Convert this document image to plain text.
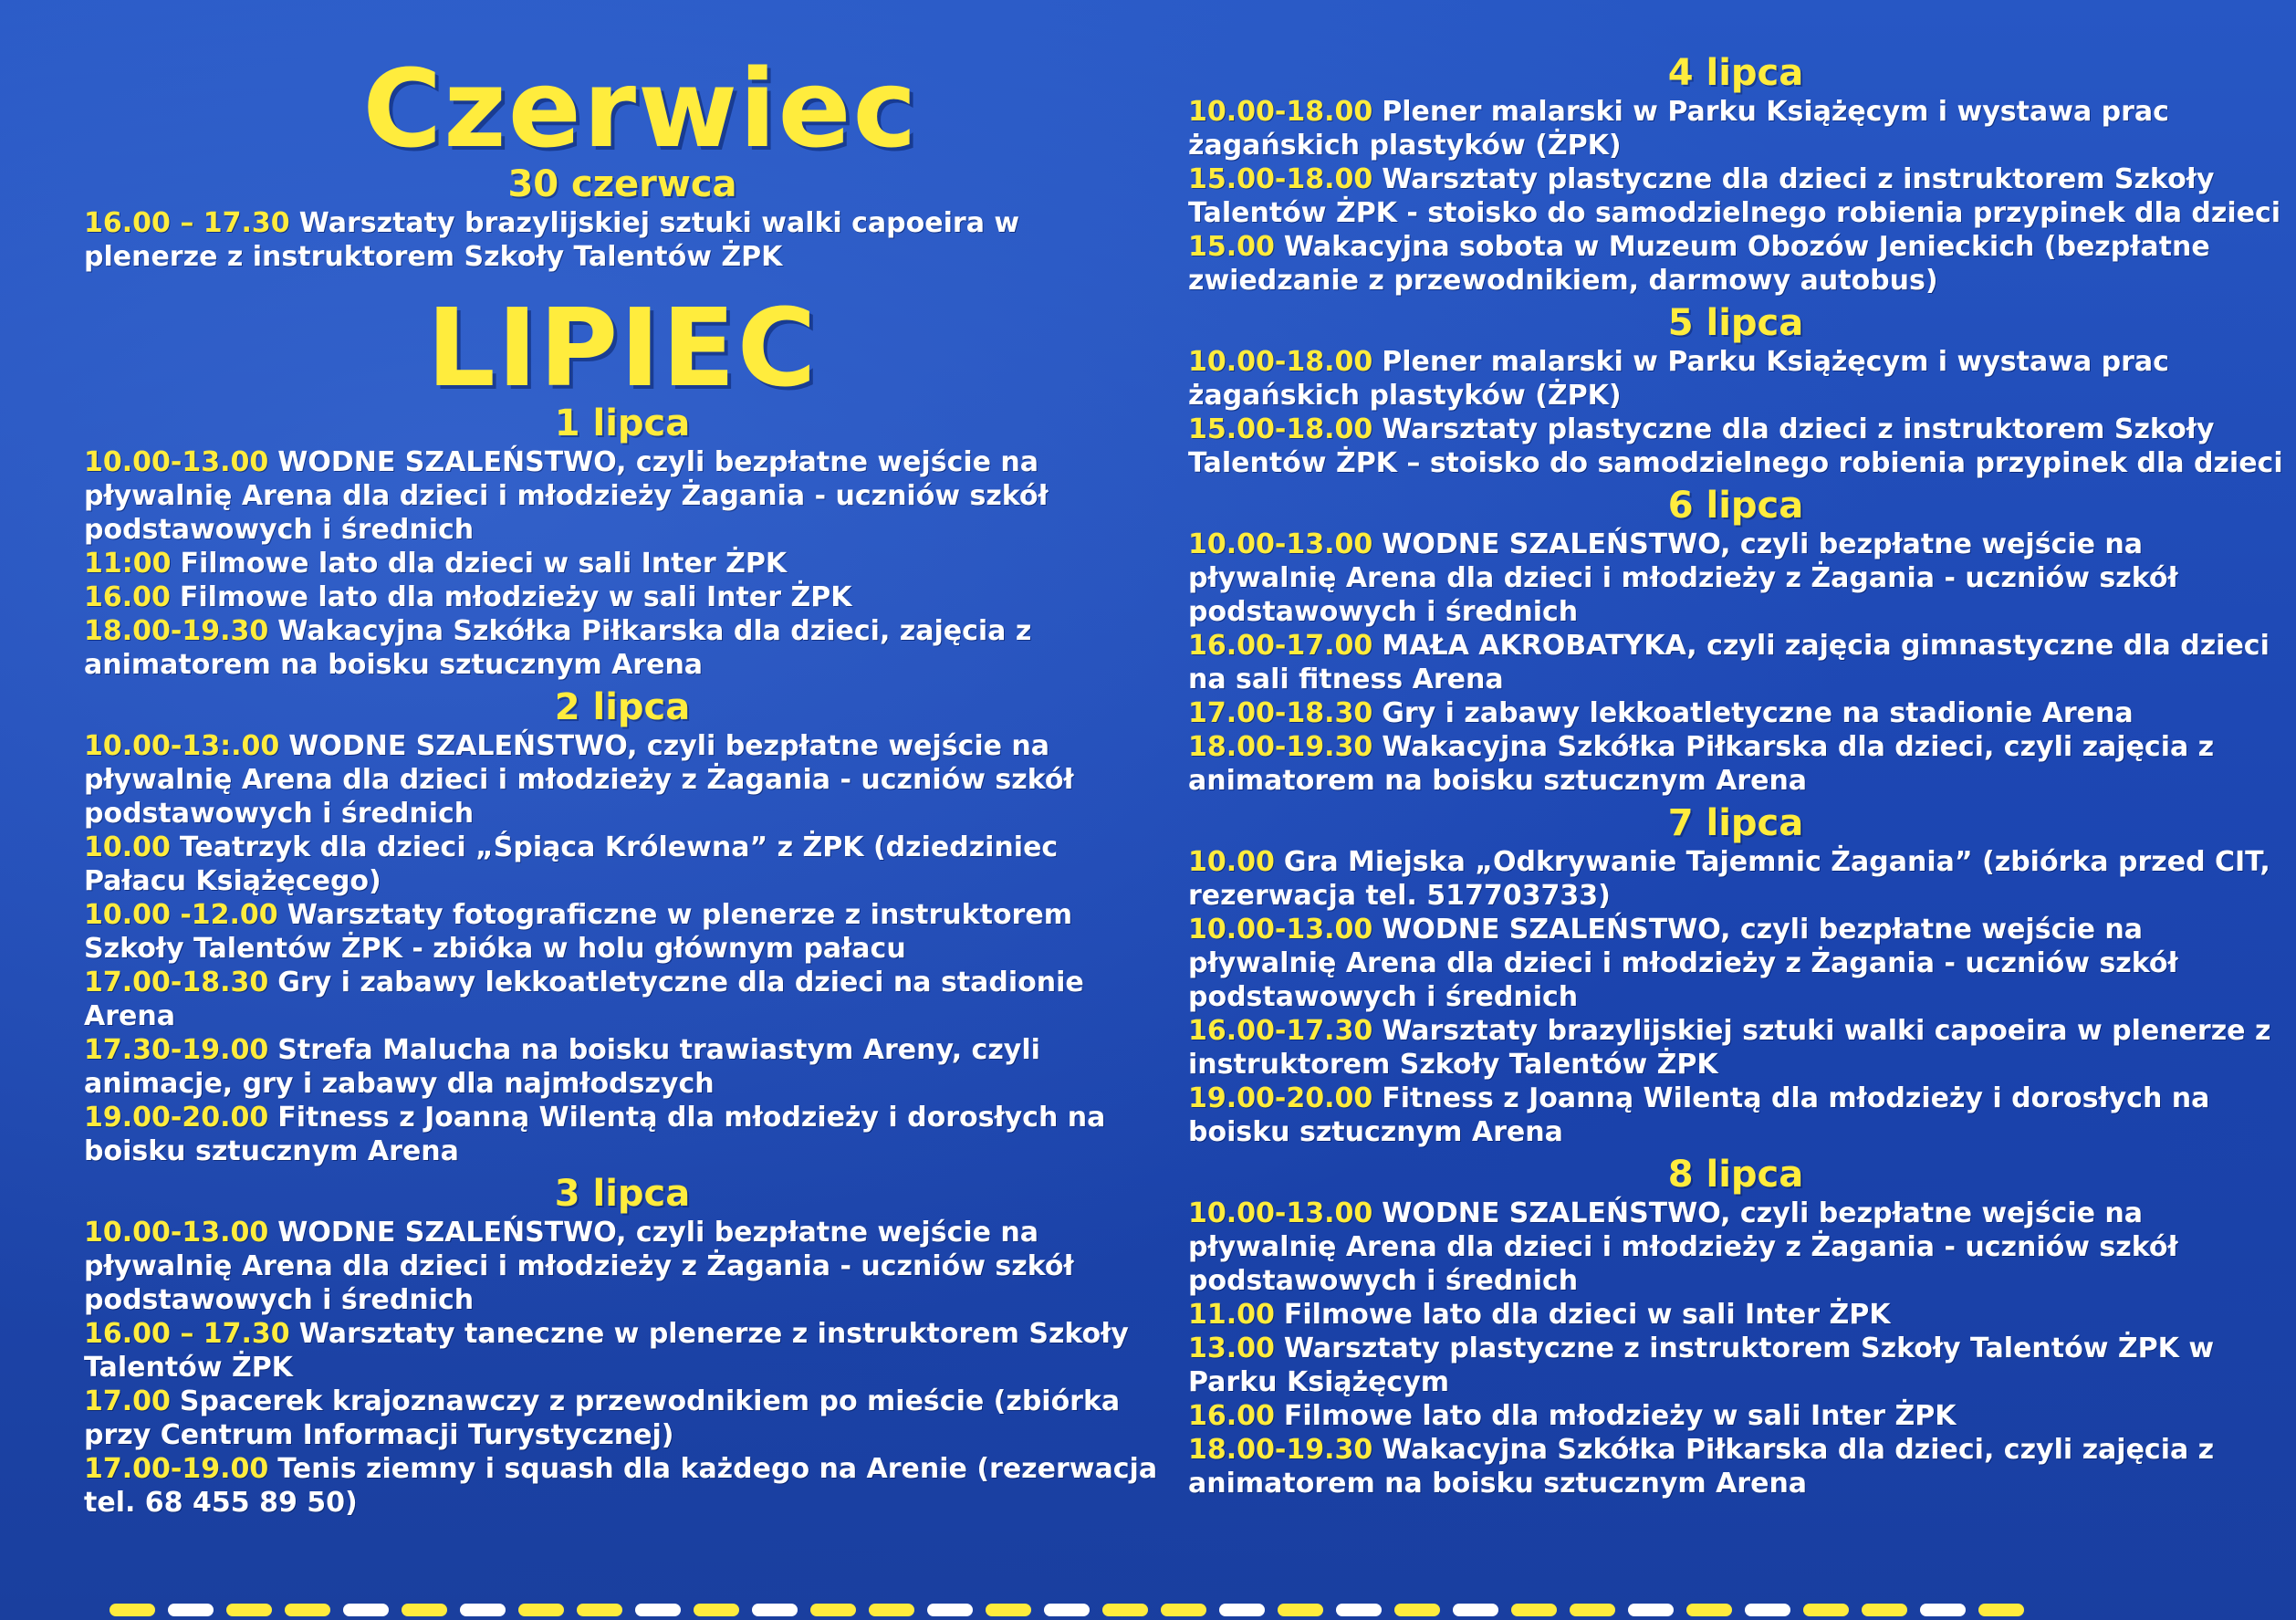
Czerwiec
30 czerwca
16.00 – 17.30 Warsztaty brazylijskiej sztuki walki capoeira w plenerze z instruktorem Szkoły Talentów ŻPK
LIPIEC
1 lipca
10.00-13.00 WODNE SZALEŃSTWO, czyli bezpłatne wejście na pływalnię Arena dla dzieci i młodzieży Żagania - uczniów szkół podstawowych i średnich
11:00 Filmowe lato dla dzieci w sali Inter ŻPK
16.00 Filmowe lato dla młodzieży w sali Inter ŻPK
18.00-19.30 Wakacyjna Szkółka Piłkarska dla dzieci, zajęcia z animatorem na boisku sztucznym Arena
2 lipca
10.00-13:.00 WODNE SZALEŃSTWO, czyli bezpłatne wejście na pływalnię Arena dla dzieci i młodzieży z Żagania - uczniów szkół podstawowych i średnich
10.00 Teatrzyk dla dzieci „Śpiąca Królewna” z ŻPK (dziedziniec Pałacu Książęcego)
10.00 -12.00 Warsztaty fotograficzne w plenerze z instruktorem Szkoły Talentów ŻPK - zbióka w holu głównym pałacu
17.00-18.30 Gry i zabawy lekkoatletyczne dla dzieci na stadionie Arena
17.30-19.00 Strefa Malucha na boisku trawiastym Areny, czyli animacje, gry i zabawy dla najmłodszych
19.00-20.00 Fitness z Joanną Wilentą dla młodzieży i dorosłych na boisku sztucznym Arena
3 lipca
10.00-13.00 WODNE SZALEŃSTWO, czyli bezpłatne wejście na pływalnię Arena dla dzieci i młodzieży z Żagania - uczniów szkół podstawowych i średnich
16.00 – 17.30 Warsztaty taneczne w plenerze z instruktorem Szkoły Talentów ŻPK
17.00 Spacerek krajoznawczy z przewodnikiem po mieście (zbiórka przy Centrum Informacji Turystycznej)
17.00-19.00 Tenis ziemny i squash dla każdego na Arenie (rezerwacja tel. 68 455 89 50)
4 lipca
10.00-18.00 Plener malarski w Parku Książęcym i wystawa prac żagańskich plastyków (ŻPK)
15.00-18.00 Warsztaty plastyczne dla dzieci z instruktorem Szkoły Talentów ŻPK - stoisko do samodzielnego robienia przypinek dla dzieci
15.00 Wakacyjna sobota w Muzeum Obozów Jenieckich (bezpłatne zwiedzanie z przewodnikiem, darmowy autobus)
5 lipca
10.00-18.00 Plener malarski w Parku Książęcym i wystawa prac żagańskich plastyków (ŻPK)
15.00-18.00 Warsztaty plastyczne dla dzieci z instruktorem Szkoły Talentów ŻPK – stoisko do samodzielnego robienia przypinek dla dzieci
6 lipca
10.00-13.00 WODNE SZALEŃSTWO, czyli bezpłatne wejście na pływalnię Arena dla dzieci i młodzieży z Żagania - uczniów szkół podstawowych i średnich
16.00-17.00 MAŁA AKROBATYKA, czyli zajęcia gimnastyczne dla dzieci na sali fitness Arena
17.00-18.30 Gry i zabawy lekkoatletyczne na stadionie Arena
18.00-19.30 Wakacyjna Szkółka Piłkarska dla dzieci, czyli zajęcia z animatorem na boisku sztucznym Arena
7 lipca
10.00 Gra Miejska „Odkrywanie Tajemnic Żagania” (zbiórka przed CIT, rezerwacja tel. 517703733)
10.00-13.00 WODNE SZALEŃSTWO, czyli bezpłatne wejście na pływalnię Arena dla dzieci i młodzieży z Żagania - uczniów szkół podstawowych i średnich
16.00-17.30 Warsztaty brazylijskiej sztuki walki capoeira w plenerze z instruktorem Szkoły Talentów ŻPK
19.00-20.00 Fitness z Joanną Wilentą dla młodzieży i dorosłych na boisku sztucznym Arena
8 lipca
10.00-13.00 WODNE SZALEŃSTWO, czyli bezpłatne wejście na pływalnię Arena dla dzieci i młodzieży z Żagania - uczniów szkół podstawowych i średnich
11.00 Filmowe lato dla dzieci w sali Inter ŻPK
13.00 Warsztaty plastyczne z instruktorem Szkoły Talentów ŻPK w Parku Książęcym
16.00 Filmowe lato dla młodzieży w sali Inter ŻPK
18.00-19.30 Wakacyjna Szkółka Piłkarska dla dzieci, czyli zajęcia z animatorem na boisku sztucznym Arena
